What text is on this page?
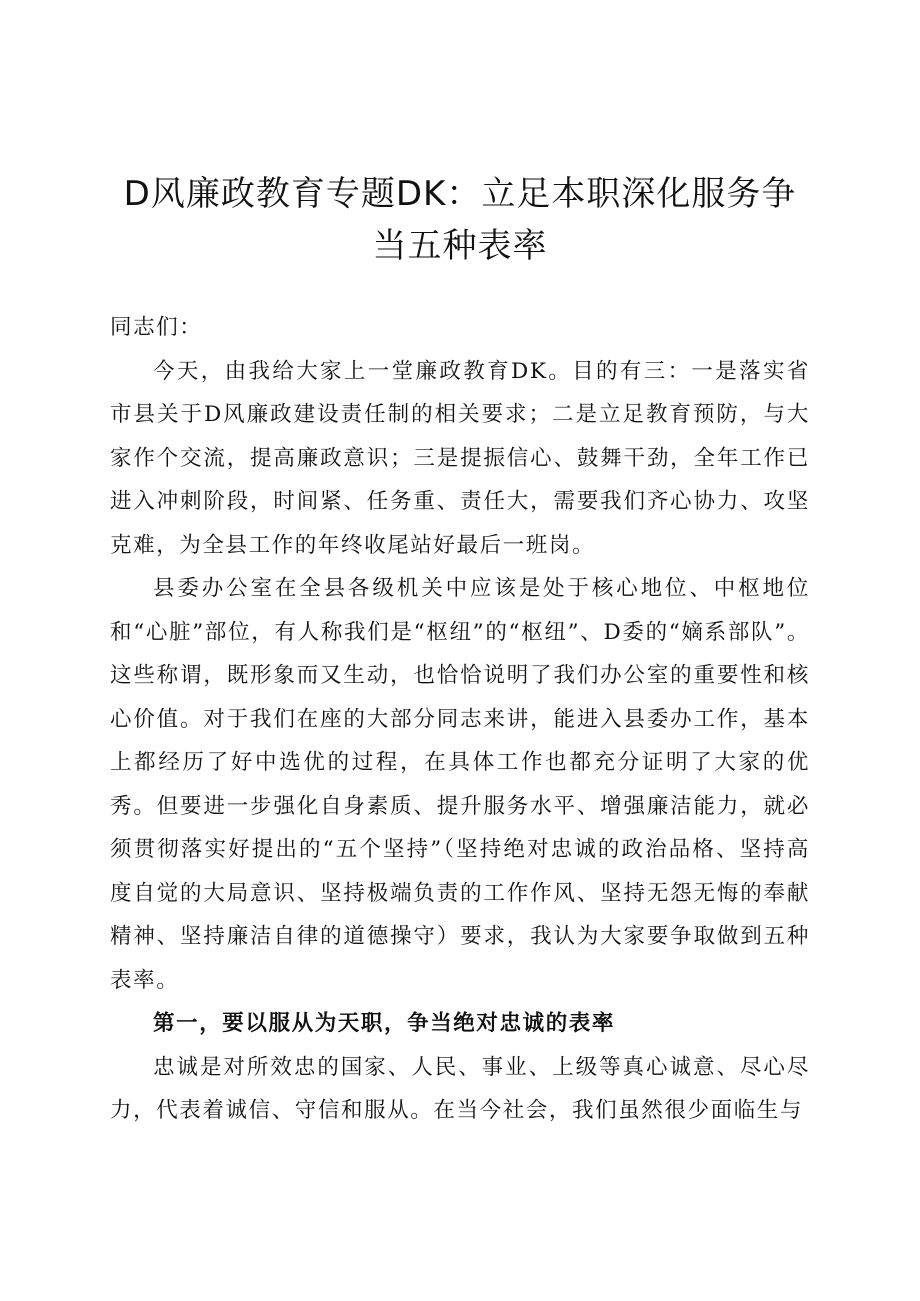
D风廉政教育专题DK：立足本职深化服务争
当五种表率

同志们：

今天，由我给大家上一堂廉政教育DK。目的有三：一是落实省市县关于D风廉政建设责任制的相关要求；二是立足教育预防，与大家作个交流，提高廉政意识；三是提振信心、鼓舞干劲，全年工作已进入冲刺阶段，时间紧、任务重、责任大，需要我们齐心协力、攻坚克难，为全县工作的年终收尾站好最后一班岗。

县委办公室在全县各级机关中应该是处于核心地位、中枢地位和“心脏”部位，有人称我们是“枢纽”的“枢纽”、D委的“嫡系部队”。这些称谓，既形象而又生动，也恰恰说明了我们办公室的重要性和核心价值。对于我们在座的大部分同志来讲，能进入县委办工作，基本上都经历了好中选优的过程，在具体工作也都充分证明了大家的优秀。但要进一步强化自身素质、提升服务水平、增强廉洁能力，就必须贯彻落实好提出的“五个坚持”（坚持绝对忠诚的政治品格、坚持高度自觉的大局意识、坚持极端负责的工作作风、坚持无怨无悔的奉献精神、坚持廉洁自律的道德操守）要求，我认为大家要争取做到五种表率。

第一，要以服从为天职，争当绝对忠诚的表率

忠诚是对所效忠的国家、人民、事业、上级等真心诚意、尽心尽力，代表着诚信、守信和服从。在当今社会，我们虽然很少面临生与
